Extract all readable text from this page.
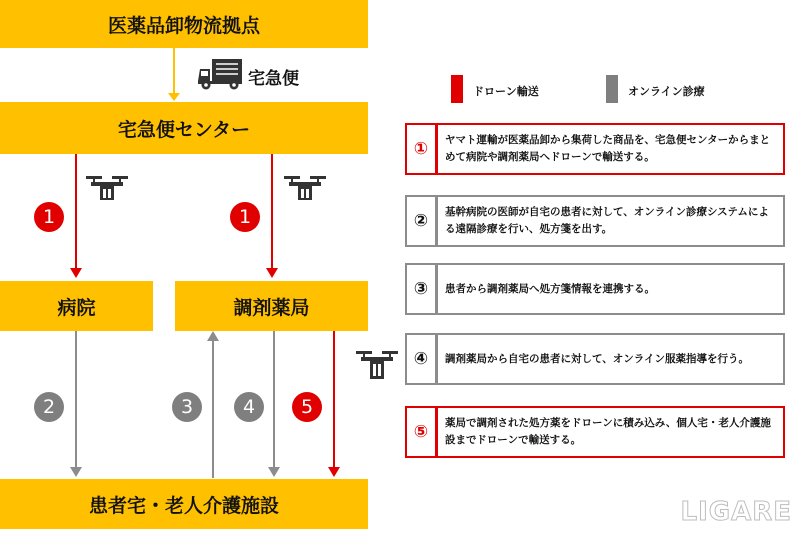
医薬品卸物流拠点
宅急便
宅急便センター
1	1
病院	調剤薬局
2	3	4	5
患者宅・老人介護施設
ドローン輸送	オンライン診療
①	ヤマト運輸が医薬品卸から集荷した商品を、宅急便センターからまとめて病院や調剤薬局へドローンで輸送する。
②	基幹病院の医師が自宅の患者に対して、オンライン診療システムによる遠隔診療を行い、処方箋を出す。
③	患者から調剤薬局へ処方箋情報を連携する。
④	調剤薬局から自宅の患者に対して、オンライン服薬指導を行う。
⑤	薬局で調剤された処方薬をドローンに積み込み、個人宅・老人介護施設までドローンで輸送する。
LIGARE
